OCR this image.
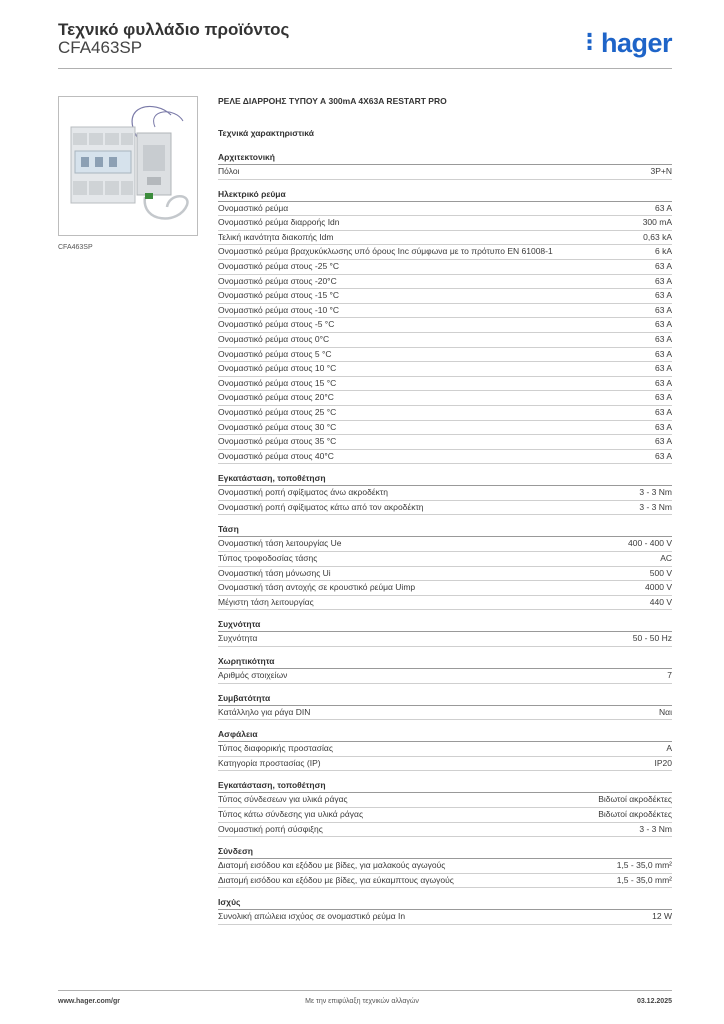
Τεχνικό φυλλάδιο προϊόντος
CFA463SP	⋮hager
CFA463SP
ΡΕΛΕ ΔΙΑΡΡΟΗΣ ΤΥΠΟΥ Α 300mA 4X63A RESTART PRO
Τεχνικά χαρακτηριστικά
Αρχιτεκτονική
Πόλοι	3P+N
Ηλεκτρικό ρεύμα
Ονομαστικό ρεύμα	63 A
Ονομαστικό ρεύμα διαρροής Idn	300 mA
Τελική ικανότητα διακοπής Idm	0,63 kA
Ονομαστικό ρεύμα βραχυκύκλωσης υπό όρους Inc σύμφωνα με το πρότυπο EN 61008-1	6 kA
Ονομαστικό ρεύμα στους -25 °C	63 A
Ονομαστικό ρεύμα στους -20°C	63 A
Ονομαστικό ρεύμα στους -15 °C	63 A
Ονομαστικό ρεύμα στους -10 °C	63 A
Ονομαστικό ρεύμα στους -5 °C	63 A
Ονομαστικό ρεύμα στους 0°C	63 A
Ονομαστικό ρεύμα στους 5 °C	63 A
Ονομαστικό ρεύμα στους 10 °C	63 A
Ονομαστικό ρεύμα στους 15 °C	63 A
Ονομαστικό ρεύμα στους 20°C	63 A
Ονομαστικό ρεύμα στους 25 °C	63 A
Ονομαστικό ρεύμα στους 30 °C	63 A
Ονομαστικό ρεύμα στους 35 °C	63 A
Ονομαστικό ρεύμα στους 40°C	63 A
Εγκατάσταση, τοποθέτηση
Ονομαστική ροπή σφίξιματος άνω ακροδέκτη	3 - 3 Nm
Ονομαστική ροπή σφίξιματος κάτω από τον ακροδέκτη	3 - 3 Nm
Τάση
Ονομαστική τάση λειτουργίας Ue	400 - 400 V
Τύπος τροφοδοσίας τάσης	AC
Ονομαστική τάση μόνωσης Ui	500 V
Ονομαστική τάση αντοχής σε κρουστικό ρεύμα Uimp	4000 V
Μέγιστη τάση λειτουργίας	440 V
Συχνότητα
Συχνότητα	50 - 50 Hz
Χωρητικότητα
Αριθμός στοιχείων	7
Συμβατότητα
Κατάλληλο για ράγα DIN	Ναι
Ασφάλεια
Τύπος διαφορικής προστασίας	A
Κατηγορία προστασίας (IP)	IP20
Εγκατάσταση, τοποθέτηση
Τύπος σύνδεσεων για υλικά ράγας	Βιδωτοί ακροδέκτες
Τύπος κάτω σύνδεσης για υλικά ράγας	Βιδωτοί ακροδέκτες
Ονομαστική ροπή σύσφιξης	3 - 3 Nm
Σύνδεση
Διατομή εισόδου και εξόδου με βίδες, για μαλακούς αγωγούς	1,5 - 35,0 mm²
Διατομή εισόδου και εξόδου με βίδες, για εύκαμπτους αγωγούς	1,5 - 35,0 mm²
Ισχύς
Συνολική απώλεια ισχύος σε ονομαστικό ρεύμα In	12 W
www.hager.com/gr	Με την επιφύλαξη τεχνικών αλλαγών	03.12.2025
